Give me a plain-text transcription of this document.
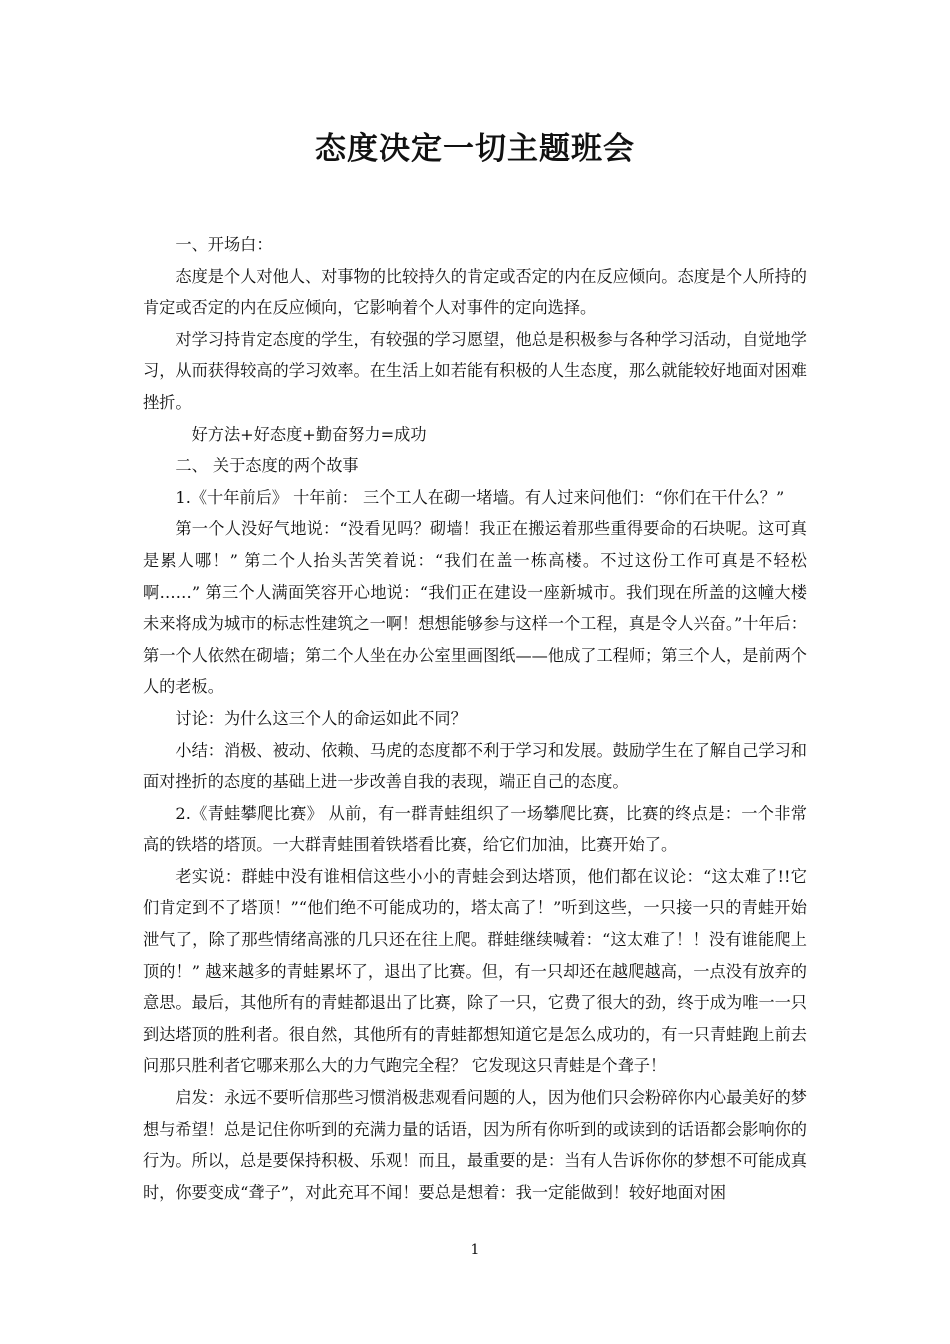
态度决定一切主题班会

一、开场白：

态度是个人对他人、对事物的比较持久的肯定或否定的内在反应倾向。态度是个人所持的肯定或否定的内在反应倾向，它影响着个人对事件的定向选择。

对学习持肯定态度的学生，有较强的学习愿望，他总是积极参与各种学习活动，自觉地学习，从而获得较高的学习效率。在生活上如若能有积极的人生态度，那么就能较好地面对困难挫折。

好方法+好态度+勤奋努力=成功

二、 关于态度的两个故事

1.《十年前后》 十年前： 三个工人在砌一堵墙。有人过来问他们：“你们在干什么？”

第一个人没好气地说：“没看见吗？砌墙！我正在搬运着那些重得要命的石块呢。这可真是累人哪！” 第二个人抬头苦笑着说：“我们在盖一栋高楼。不过这份工作可真是不轻松啊……” 第三个人满面笑容开心地说：“我们正在建设一座新城市。我们现在所盖的这幢大楼未来将成为城市的标志性建筑之一啊！想想能够参与这样一个工程，真是令人兴奋。”十年后： 第一个人依然在砌墙；第二个人坐在办公室里画图纸——他成了工程师；第三个人，是前两个人的老板。

讨论：为什么这三个人的命运如此不同？

小结：消极、被动、依赖、马虎的态度都不利于学习和发展。鼓励学生在了解自己学习和面对挫折的态度的基础上进一步改善自我的表现，端正自己的态度。

2.《青蛙攀爬比赛》 从前，有一群青蛙组织了一场攀爬比赛，比赛的终点是：一个非常高的铁塔的塔顶。一大群青蛙围着铁塔看比赛，给它们加油，比赛开始了。

老实说：群蛙中没有谁相信这些小小的青蛙会到达塔顶，他们都在议论：“这太难了!!它们肯定到不了塔顶！”“他们绝不可能成功的，塔太高了！”听到这些，一只接一只的青蛙开始泄气了，除了那些情绪高涨的几只还在往上爬。群蛙继续喊着：“这太难了！！没有谁能爬上顶的！” 越来越多的青蛙累坏了，退出了比赛。但，有一只却还在越爬越高，一点没有放弃的意思。最后，其他所有的青蛙都退出了比赛，除了一只，它费了很大的劲，终于成为唯一一只到达塔顶的胜利者。很自然，其他所有的青蛙都想知道它是怎么成功的，有一只青蛙跑上前去问那只胜利者它哪来那么大的力气跑完全程？ 它发现这只青蛙是个聋子！

启发：永远不要听信那些习惯消极悲观看问题的人，因为他们只会粉碎你内心最美好的梦想与希望！总是记住你听到的充满力量的话语，因为所有你听到的或读到的话语都会影响你的行为。所以，总是要保持积极、乐观！而且，最重要的是：当有人告诉你你的梦想不可能成真时，你要变成“聋子”，对此充耳不闻！要总是想着：我一定能做到！较好地面对困

1
